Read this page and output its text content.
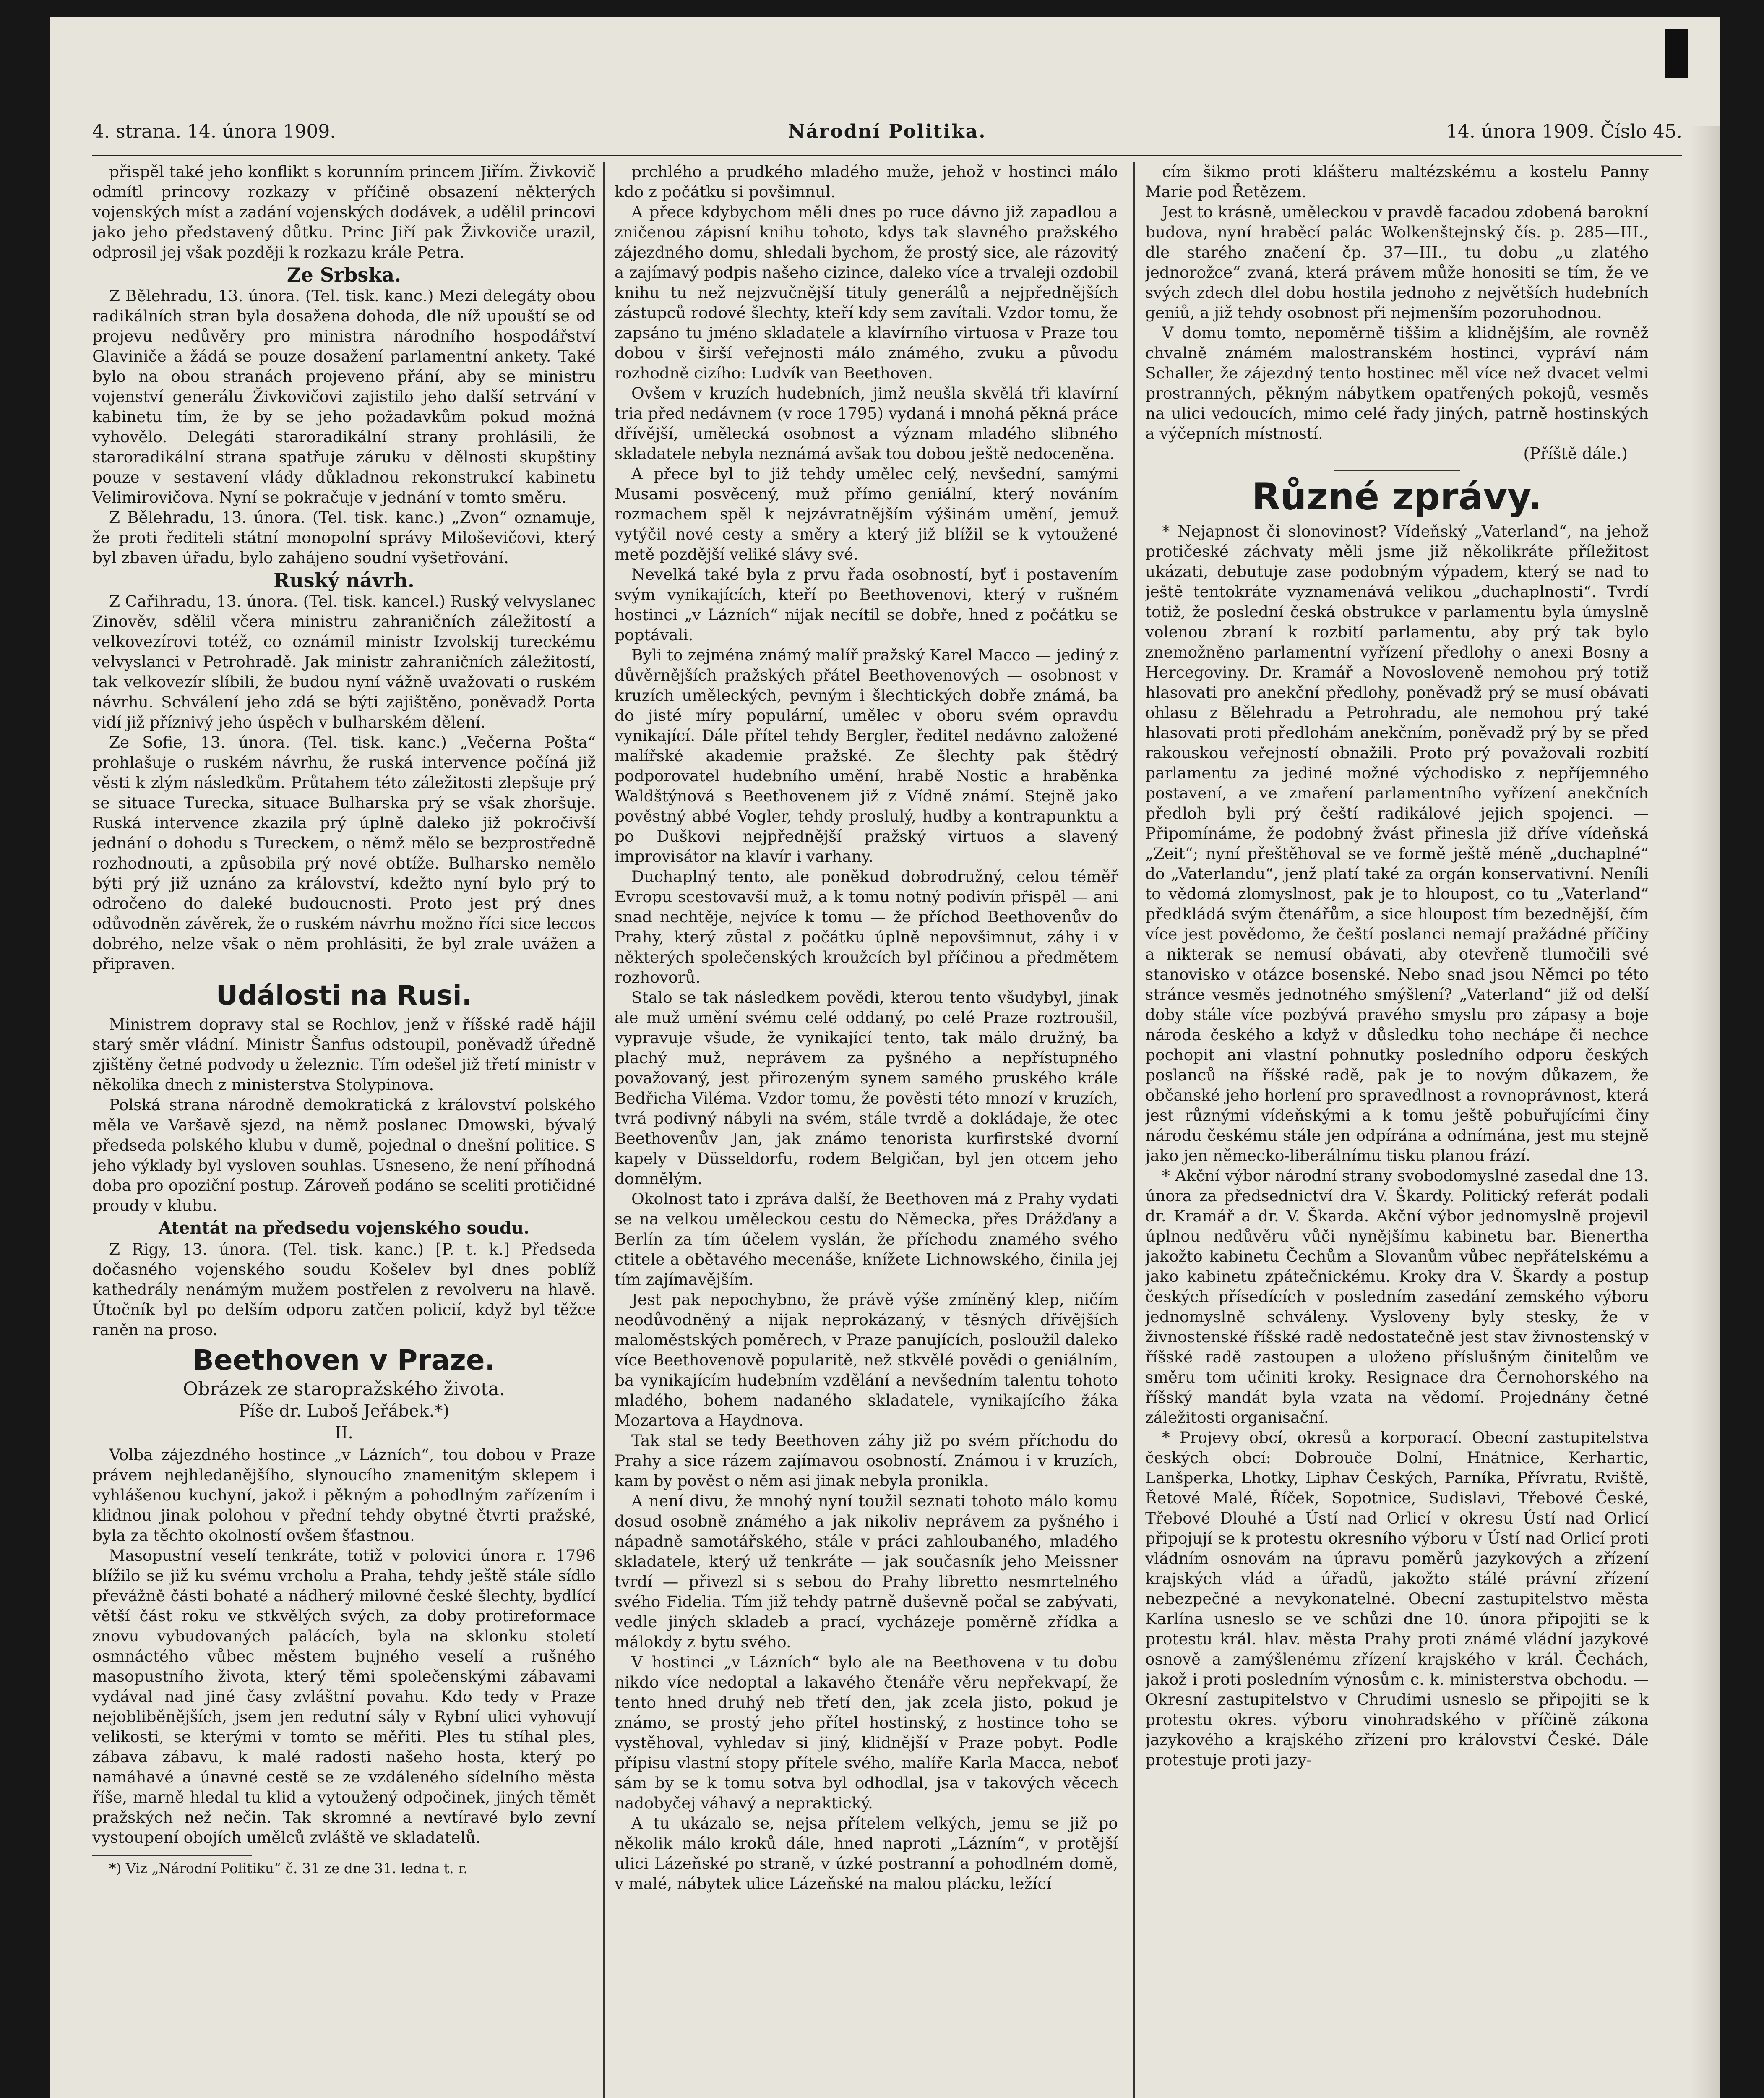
4. strana. 14. února 1909.	Národní Politika.	14. února 1909. Číslo 45.

přispěl také jeho konflikt s korunním princem Jiřím. Živkovič odmítl princovy rozkazy v příčině obsazení některých vojenských míst a zadání vojenských dodávek, a udělil princovi jako jeho představený důtku. Princ Jiří pak Živkoviče urazil, odprosil jej však později k rozkazu krále Petra.

Ze Srbska.

Z Bělehradu, 13. února. (Tel. tisk. kanc.) Mezi delegáty obou radikálních stran byla dosažena dohoda, dle níž upouští se od projevu nedůvěry pro ministra národního hospodářství Glaviniče a žádá se pouze dosažení parlamentní ankety. Také bylo na obou stranách projeveno přání, aby se ministru vojenství generálu Živkovičovi zajistilo jeho další setrvání v kabinetu tím, že by se jeho požadavkům pokud možná vyhovělo. Delegáti staroradikální strany prohlásili, že staroradikální strana spatřuje záruku v dělnosti skupštiny pouze v sestavení vlády důkladnou rekonstrukcí kabinetu Velimirovičova. Nyní se pokračuje v jednání v tomto směru.

Z Bělehradu, 13. února. (Tel. tisk. kanc.) „Zvon“ oznamuje, že proti řediteli státní monopolní správy Miloševičovi, který byl zbaven úřadu, bylo zahájeno soudní vyšetřování.

Ruský návrh.

Z Cařihradu, 13. února. (Tel. tisk. kancel.) Ruský velvyslanec Zinověv, sdělil včera ministru zahraničních záležitostí a velkovezírovi totéž, co oznámil ministr Izvolskij tureckému velvyslanci v Petrohradě. Jak ministr zahraničních záležitostí, tak velkovezír slíbili, že budou nyní vážně uvažovati o ruském návrhu. Schválení jeho zdá se býti zajištěno, poněvadž Porta vidí již příznivý jeho úspěch v bulharském dělení.

Ze Sofie, 13. února. (Tel. tisk. kanc.) „Večerna Pošta“ prohlašuje o ruském návrhu, že ruská intervence počíná již věsti k zlým následkům. Průtahem této záležitosti zlepšuje prý se situace Turecka, situace Bulharska prý se však zhoršuje. Ruská intervence zkazila prý úplně daleko již pokročivší jednání o dohodu s Tureckem, o němž mělo se bezprostředně rozhodnouti, a způsobila prý nové obtíže. Bulharsko nemělo býti prý již uznáno za království, kdežto nyní bylo prý to odročeno do daleké budoucnosti. Proto jest prý dnes odůvodněn závěrek, že o ruském návrhu možno říci sice leccos dobrého, nelze však o něm prohlásiti, že byl zrale uvážen a připraven.

Události na Rusi.

Ministrem dopravy stal se Rochlov, jenž v říšské radě hájil starý směr vládní. Ministr Šanfus odstoupil, poněvadž úředně zjištěny četné podvody u železnic. Tím odešel již třetí ministr v několika dnech z ministerstva Stolypinova.

Polská strana národně demokratická z království polského měla ve Varšavě sjezd, na němž poslanec Dmowski, bývalý předseda polského klubu v dumě, pojednal o dnešní politice. S jeho výklady byl vysloven souhlas. Usneseno, že není příhodná doba pro opoziční postup. Zároveň podáno se sceliti protičidné proudy v klubu.

Atentát na předsedu vojenského soudu.

Z Rigy, 13. února. (Tel. tisk. kanc.) [P. t. k.] Předseda dočasného vojenského soudu Košelev byl dnes poblíž kathedrály nenámým mužem postřelen z revolveru na hlavě. Útočník byl po delším odporu zatčen policií, když byl těžce raněn na proso.

Beethoven v Praze.
Obrázek ze staropražského života.
Píše dr. Luboš Jeřábek.*)
II.

Volba zájezdného hostince „v Lázních“, tou dobou v Praze právem nejhledanějšího, slynoucího znamenitým sklepem i vyhlášenou kuchyní, jakož i pěkným a pohodlným zařízením i klidnou jinak polohou v přední tehdy obytné čtvrti pražské, byla za těchto okolností ovšem šťastnou.

Masopustní veselí tenkráte, totiž v polovici února r. 1796 blížilo se již ku svému vrcholu a Praha, tehdy ještě stále sídlo převážně části bohaté a nádherý milovné české šlechty, bydlící větší část roku ve stkvělých svých, za doby protireformace znovu vybudovaných palácích, byla na sklonku století osmnáctého vůbec městem bujného veselí a rušného masopustního života, který těmi společenskými zábavami vydával nad jiné časy zvláštní povahu. Kdo tedy v Praze nejobliběnějších, jsem jen redutní sály v Rybní ulici vyhovují velikosti, se kterými v tomto se měřiti. Ples tu stíhal ples, zábava zábavu, k malé radosti našeho hosta, který po namáhavé a únavné cestě se ze vzdáleného sídelního města říše, marně hledal tu klid a vytoužený odpočinek, jiných těmět pražských než nečin. Tak skromné a nevtíravé bylo zevní vystoupení obojích umělců zvláště ve skladatelů.

*) Viz „Národní Politiku“ č. 31 ze dne 31. ledna t. r.

prchlého a prudkého mladého muže, jehož v hostinci málo kdo z počátku si povšimnul.

A přece kdybychom měli dnes po ruce dávno již zapadlou a zničenou zápisní knihu tohoto, kdys tak slavného pražského zájezdného domu, shledali bychom, že prostý sice, ale rázovitý a zajímavý podpis našeho cizince, daleko více a trvaleji ozdobil knihu tu než nejzvučnější tituly generálů a nejpřednějších zástupců rodové šlechty, kteří kdy sem zavítali. Vzdor tomu, že zapsáno tu jméno skladatele a klavírního virtuosa v Praze tou dobou v širší veřejnosti málo známého, zvuku a původu rozhodně cizího: Ludvík van Beethoven.

Ovšem v kruzích hudebních, jimž neušla skvělá tři klavírní tria před nedávnem (v roce 1795) vydaná i mnohá pěkná práce dřívější, umělecká osobnost a význam mladého slibného skladatele nebyla neznámá avšak tou dobou ještě nedoceněna.

A přece byl to již tehdy umělec celý, nevšední, samými Musami posvěcený, muž přímo geniální, který nováním rozmachem spěl k nejzávratnějším výšinám umění, jemuž vytýčil nové cesty a směry a který již blížil se k vytoužené metě pozdější veliké slávy své.

Nevelká také byla z prvu řada osobností, byť i postavením svým vynikajících, kteří po Beethovenovi, který v rušném hostinci „v Lázních“ nijak necítil se dobře, hned z počátku se poptávali.

Byli to zejména známý malíř pražský Karel Macco — jediný z důvěrnějších pražských přátel Beethovenových — osobnost v kruzích uměleckých, pevným i šlechtických dobře známá, ba do jisté míry populární, umělec v oboru svém opravdu vynikající. Dále přítel tehdy Bergler, ředitel nedávno založené malířské akademie pražské. Ze šlechty pak štědrý podporovatel hudebního umění, hrabě Nostic a hraběnka Waldštýnová s Beethovenem již z Vídně známí. Stejně jako pověstný abbé Vogler, tehdy proslulý, hudby a kontrapunktu a po Duškovi nejpřednější pražský virtuos a slavený improvisátor na klavír i varhany.

Duchaplný tento, ale poněkud dobrodružný, celou téměř Evropu scestovavší muž, a k tomu notný podivín přispěl — ani snad nechtěje, nejvíce k tomu — že příchod Beethovenův do Prahy, který zůstal z počátku úplně nepovšimnut, záhy i v některých společenských kroužcích byl příčinou a předmětem rozhovorů.

Stalo se tak následkem povědi, kterou tento všudybyl, jinak ale muž umění svému celé oddaný, po celé Praze roztroušil, vypravuje všude, že vynikající tento, tak málo družný, ba plachý muž, neprávem za pyšného a nepřístupného považovaný, jest přirozeným synem samého pruského krále Bedřicha Viléma. Vzdor tomu, že pověsti této mnozí v kruzích, tvrá podivný nábyli na svém, stále tvrdě a dokládaje, že otec Beethovenův Jan, jak známo tenorista kurfirstské dvorní kapely v Düsseldorfu, rodem Belgičan, byl jen otcem jeho domnělým.

Okolnost tato i zpráva další, že Beethoven má z Prahy vydati se na velkou uměleckou cestu do Německa, přes Drážďany a Berlín za tím účelem vyslán, že příchodu znamého svého ctitele a obětavého mecenáše, knížete Lichnowského, činila jej tím zajímavějším.

Jest pak nepochybno, že právě výše zmíněný klep, ničím neodůvodněný a nijak neprokázaný, v těsných dřívějších maloměstských poměrech, v Praze panujících, posloužil daleko více Beethovenově popularitě, než stkvělé povědi o geniálním, ba vynikajícím hudebním vzdělání a nevšedním talentu tohoto mladého, bohem nadaného skladatele, vynikajícího žáka Mozartova a Haydnova.

Tak stal se tedy Beethoven záhy již po svém příchodu do Prahy a sice rázem zajímavou osobností. Známou i v kruzích, kam by pověst o něm asi jinak nebyla pronikla.

A není divu, že mnohý nyní toužil seznati tohoto málo komu dosud osobně známého a jak nikoliv neprávem za pyšného i nápadně samotářského, stále v práci zahloubaného, mladého skladatele, který už tenkráte — jak současník jeho Meissner tvrdí — přivezl si s sebou do Prahy libretto nesmrtelného svého Fidelia. Tím již tehdy patrně duševně počal se zabývati, vedle jiných skladeb a prací, vycházeje poměrně zřídka a málokdy z bytu svého.

V hostinci „v Lázních“ bylo ale na Beethovena v tu dobu nikdo více nedoptal a lakavého čtenáře věru nepřekvapí, že tento hned druhý neb třetí den, jak zcela jisto, pokud je známo, se prostý jeho přítel hostinský, z hostince toho se vystěhoval, vyhledav si jiný, klidnější v Praze pobyt. Podle přípisu vlastní stopy přítele svého, malíře Karla Macca, neboť sám by se k tomu sotva byl odhodlal, jsa v takových věcech nadobyčej váhavý a nepraktický.

A tu ukázalo se, nejsa přítelem velkých, jemu se již po několik málo kroků dále, hned naproti „Lázním“, v protější ulici Lázeňské po straně, v úzké postranní a pohodlném domě, v malé, nábytek ulice Lázeňské na malou plácku, ležící

cím šikmo proti klášteru maltézskému a kostelu Panny Marie pod Řetězem.

Jest to krásně, uměleckou v pravdě facadou zdobená barokní budova, nyní hraběcí palác Wolkenštejnský čís. p. 285—III., dle starého značení čp. 37—III., tu dobu „u zlatého jednorožce“ zvaná, která právem může honositi se tím, že ve svých zdech dlel dobu hostila jednoho z největších hudebních geniů, a již tehdy osobnost při nejmenším pozoruhodnou.

V domu tomto, nepoměrně tiššim a klidnějším, ale rovněž chvalně známém malostranském hostinci, vypráví nám Schaller, že zájezdný tento hostinec měl více než dvacet velmi prostranných, pěkným nábytkem opatřených pokojů, vesměs na ulici vedoucích, mimo celé řady jiných, patrně hostinských a výčepních místností.

(Příště dále.)
Různé zprávy.

* Nejapnost či slonovinost? Vídeňský „Vaterland“, na jehož protičeské záchvaty měli jsme již několikráte příležitost ukázati, debutuje zase podobným výpadem, který se nad to ještě tentokráte vyznamenává velikou „duchaplnosti“. Tvrdí totiž, že poslední česká obstrukce v parlamentu byla úmyslně volenou zbraní k rozbití parlamentu, aby prý tak bylo znemožněno parlamentní vyřízení předlohy o anexi Bosny a Hercegoviny. Dr. Kramář a Novosloveně nemohou prý totiž hlasovati pro anekční předlohy, poněvadž prý se musí obávati ohlasu z Bělehradu a Petrohradu, ale nemohou prý také hlasovati proti předlohám anekčním, poněvadž prý by se před rakouskou veřejností obnažili. Proto prý považovali rozbití parlamentu za jediné možné východisko z nepříjemného postavení, a ve zmaření parlamentního vyřízení anekčních předloh byli prý čeští radikálové jejich spojenci. — Připomínáme, že podobný žvást přinesla již dříve vídeňská „Zeit“; nyní přeštěhoval se ve formě ještě méně „duchaplné“ do „Vaterlandu“, jenž platí také za orgán konservativní. Neníli to vědomá zlomyslnost, pak je to hloupost, co tu „Vaterland“ předkládá svým čtenářům, a sice hloupost tím bezednější, čím více jest povědomo, že čeští poslanci nemají pražádné příčiny a nikterak se nemusí obávati, aby otevřeně tlumočili své stanovisko v otázce bosenské. Nebo snad jsou Němci po této stránce vesměs jednotného smýšlení? „Vaterland“ již od delší doby stále více pozbývá pravého smyslu pro zápasy a boje národa českého a když v důsledku toho nechápe či nechce pochopit ani vlastní pohnutky posledního odporu českých poslanců na říšské radě, pak je to novým důkazem, že občanské jeho horlení pro spravedlnost a rovnoprávnost, která jest různými vídeňskými a k tomu ještě pobuřujícími činy národu českému stále jen odpírána a odnímána, jest mu stejně jako jen německo-liberálnímu tisku planou frází.

* Akční výbor národní strany svobodomyslné zasedal dne 13. února za předsednictví dra V. Škardy. Politický referát podali dr. Kramář a dr. V. Škarda. Akční výbor jednomyslně projevil úplnou nedůvěru vůči nynějšímu kabinetu bar. Bienertha jakožto kabinetu Čechům a Slovanům vůbec nepřátelskému a jako kabinetu zpátečnickému. Kroky dra V. Škardy a postup českých přísedících v posledním zasedání zemského výboru jednomyslně schváleny. Vysloveny byly stesky, že v živnostenské říšské radě nedostatečně jest stav živnostenský v říšské radě zastoupen a uloženo příslušným činitelům ve směru tom učiniti kroky. Resignace dra Černohorského na říšský mandát byla vzata na vědomí. Projednány četné záležitosti organisační.

* Projevy obcí, okresů a korporací. Obecní zastupitelstva českých obcí: Dobrouče Dolní, Hnátnice, Kerhartic, Lanšperka, Lhotky, Liphav Českých, Parníka, Přívratu, Rviště, Řetové Malé, Říček, Sopotnice, Sudislavi, Třebové České, Třebové Dlouhé a Ústí nad Orlicí v okresu Ústí nad Orlicí připojují se k protestu okresního výboru v Ústí nad Orlicí proti vládním osnovám na úpravu poměrů jazykových a zřízení krajských vlád a úřadů, jakožto stálé právní zřízení nebezpečné a nevykonatelné. Obecní zastupitelstvo města Karlína usneslo se ve schůzi dne 10. února připojiti se k protestu král. hlav. města Prahy proti známé vládní jazykové osnově a zamýšlenému zřízení krajského v král. Čechách, jakož i proti posledním výnosům c. k. ministerstva obchodu. — Okresní zastupitelstvo v Chrudimi usneslo se připojiti se k protestu okres. výboru vinohradského v příčině zákona jazykového a krajského zřízení pro království České. Dále protestuje proti jazy-
